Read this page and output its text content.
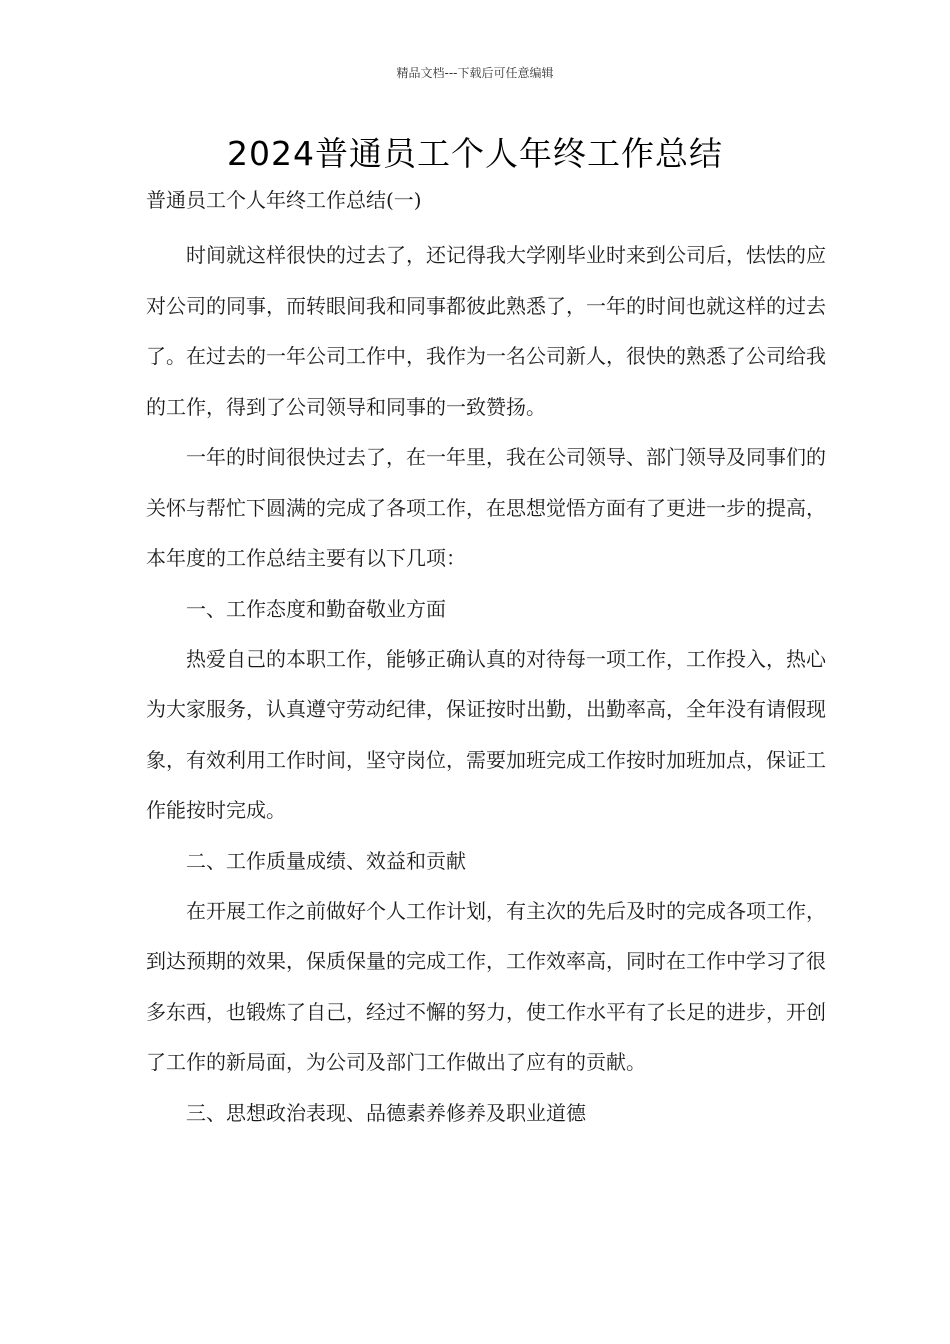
精品文档---下载后可任意编辑
2024普通员工个人年终工作总结

普通员工个人年终工作总结(一)

时间就这样很快的过去了，还记得我大学刚毕业时来到公司后，怯怯的应对公司的同事，而转眼间我和同事都彼此熟悉了，一年的时间也就这样的过去了。在过去的一年公司工作中，我作为一名公司新人，很快的熟悉了公司给我的工作，得到了公司领导和同事的一致赞扬。

一年的时间很快过去了，在一年里，我在公司领导、部门领导及同事们的关怀与帮忙下圆满的完成了各项工作，在思想觉悟方面有了更进一步的提高，本年度的工作总结主要有以下几项：

一、工作态度和勤奋敬业方面

热爱自己的本职工作，能够正确认真的对待每一项工作，工作投入，热心为大家服务，认真遵守劳动纪律，保证按时出勤，出勤率高，全年没有请假现象，有效利用工作时间，坚守岗位，需要加班完成工作按时加班加点，保证工作能按时完成。

二、工作质量成绩、效益和贡献

在开展工作之前做好个人工作计划，有主次的先后及时的完成各项工作，到达预期的效果，保质保量的完成工作，工作效率高，同时在工作中学习了很多东西，也锻炼了自己，经过不懈的努力，使工作水平有了长足的进步，开创了工作的新局面，为公司及部门工作做出了应有的贡献。

三、思想政治表现、品德素养修养及职业道德
